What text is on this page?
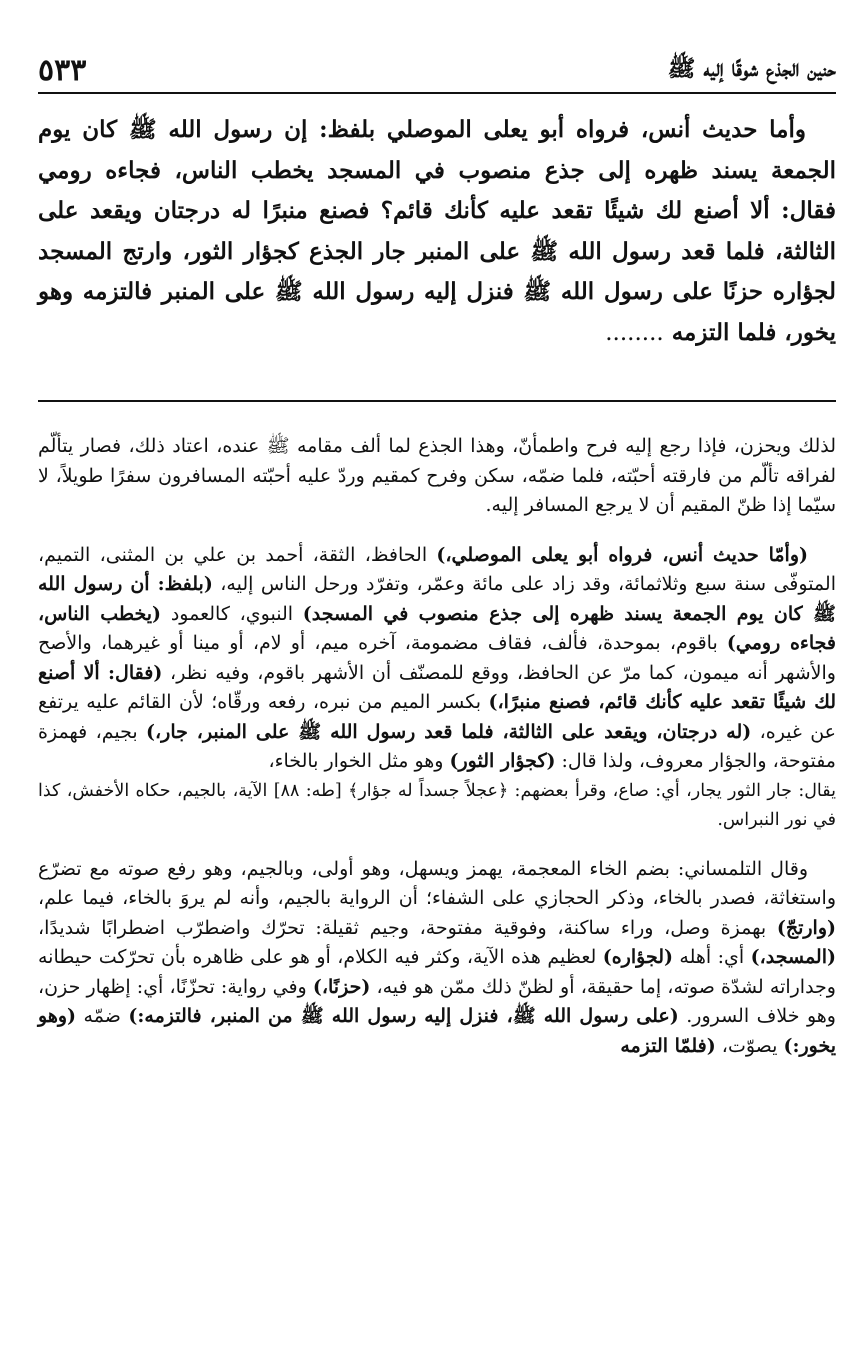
حنين الجذع شوقًا إليه ﷺ
٥٣٣

وأما حديث أنس، فرواه أبو يعلى الموصلي بلفظ: إن رسول الله ﷺ كان يوم الجمعة يسند ظهره إلى جذع منصوب في المسجد يخطب الناس، فجاءه رومي فقال: ألا أصنع لك شيئًا تقعد عليه كأنك قائم؟ فصنع منبرًا له درجتان ويقعد على الثالثة، فلما قعد رسول الله ﷺ على المنبر جار الجذع كجؤار الثور، وارتج المسجد لجؤاره حزنًا على رسول الله ﷺ فنزل إليه رسول الله ﷺ على المنبر فالتزمه وهو يخور، فلما التزمه ........

لذلك ويحزن، فإذا رجع إليه فرح واطمأنّ، وهذا الجذع لما ألف مقامه ﷺ عنده، اعتاد ذلك، فصار يتألّم لفراقه تألّم من فارقته أحبّته، فلما ضمّه، سكن وفرح كمقيم وردّ عليه أحبّته المسافرون سفرًا طويلاً، لا سيّما إذا ظنّ المقيم أن لا يرجع المسافر إليه.

(وأمّا حديث أنس، فرواه أبو يعلى الموصلي،) الحافظ، الثقة، أحمد بن علي بن المثنى، التميم، المتوفّى سنة سبع وثلاثمائة، وقد زاد على مائة وعمّر، وتفرّد ورحل الناس إليه، (بلفظ: أن رسول الله ﷺ كان يوم الجمعة يسند ظهره إلى جذع منصوب في المسجد) النبوي، كالعمود (يخطب الناس، فجاءه رومي) باقوم، بموحدة، فألف، فقاف مضمومة، آخره ميم، أو لام، أو مينا أو غيرهما، والأصح والأشهر أنه ميمون، كما مرّ عن الحافظ، ووقع للمصنّف أن الأشهر باقوم، وفيه نظر، (فقال: ألا أصنع لك شيئًا تقعد عليه كأنك قائم، فصنع منبرًا،) بكسر الميم من نبره، رفعه ورقّاه؛ لأن القائم عليه يرتفع عن غيره، (له درجتان، ويقعد على الثالثة، فلما قعد رسول الله ﷺ على المنبر، جار،) بجيم، فهمزة مفتوحة، والجؤار معروف، ولذا قال: (كجؤار الثور) وهو مثل الخوار بالخاء،

يقال: جار الثور يجار، أي: صاع، وقرأ بعضهم: ﴿عجلاً جسداً له جؤار﴾ [طه: ٨٨] الآية، بالجيم، حكاه الأخفش، كذا في نور النبراس.

وقال التلمساني: بضم الخاء المعجمة، يهمز ويسهل، وهو أولى، وبالجيم، وهو رفع صوته مع تضرّع واستغاثة، فصدر بالخاء، وذكر الحجازي على الشفاء؛ أن الرواية بالجيم، وأنه لم يروَ بالخاء، فيما علم، (وارتجّ) بهمزة وصل، وراء ساكنة، وفوقية مفتوحة، وجيم ثقيلة: تحرّك واضطرّب اضطرابًا شديدًا، (المسجد،) أي: أهله (لجؤاره) لعظيم هذه الآية، وكثر فيه الكلام، أو هو على ظاهره بأن تحرّكت حيطانه وجداراته لشدّة صوته، إما حقيقة، أو لظنّ ذلك ممّن هو فيه، (حزنًا،) وفي رواية: تحزّنًا، أي: إظهار حزن، وهو خلاف السرور. (على رسول الله ﷺ، فنزل إليه رسول الله ﷺ من المنبر، فالتزمه:) ضمّه (وهو يخور:) يصوّت، (فلمّا التزمه
